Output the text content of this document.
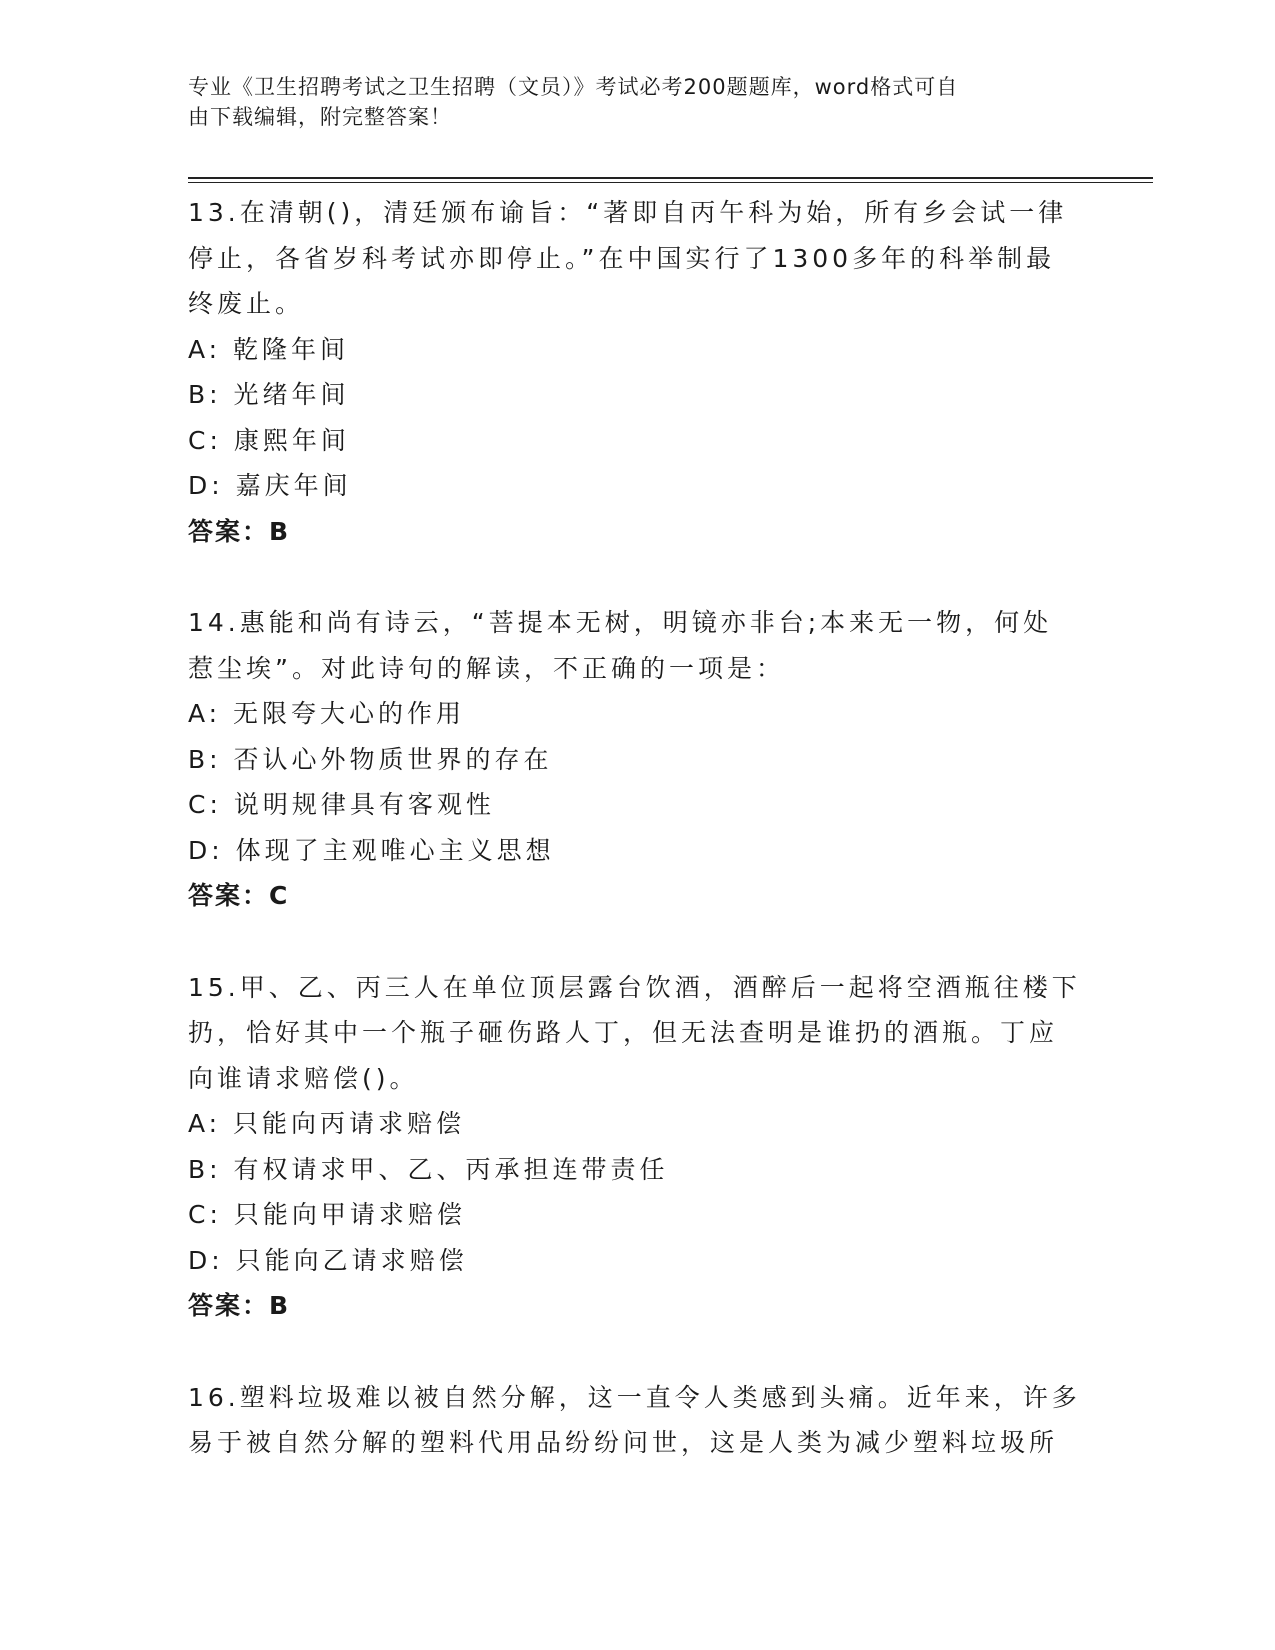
专业《卫生招聘考试之卫生招聘（文员）》考试必考200题题库，word格式可自
由下载编辑，附完整答案！
13.在清朝()，清廷颁布谕旨：“著即自丙午科为始，所有乡会试一律
停止，各省岁科考试亦即停止。”在中国实行了1300多年的科举制最
终废止。
A: 乾隆年间
B: 光绪年间
C: 康熙年间
D: 嘉庆年间
答案：B
14.惠能和尚有诗云，“菩提本无树，明镜亦非台;本来无一物，何处
惹尘埃”。对此诗句的解读，不正确的一项是：
A: 无限夸大心的作用
B: 否认心外物质世界的存在
C: 说明规律具有客观性
D: 体现了主观唯心主义思想
答案：C
15.甲、乙、丙三人在单位顶层露台饮酒，酒醉后一起将空酒瓶往楼下
扔，恰好其中一个瓶子砸伤路人丁，但无法查明是谁扔的酒瓶。丁应
向谁请求赔偿()。
A: 只能向丙请求赔偿
B: 有权请求甲、乙、丙承担连带责任
C: 只能向甲请求赔偿
D: 只能向乙请求赔偿
答案：B
16.塑料垃圾难以被自然分解，这一直令人类感到头痛。近年来，许多
易于被自然分解的塑料代用品纷纷问世，这是人类为减少塑料垃圾所
